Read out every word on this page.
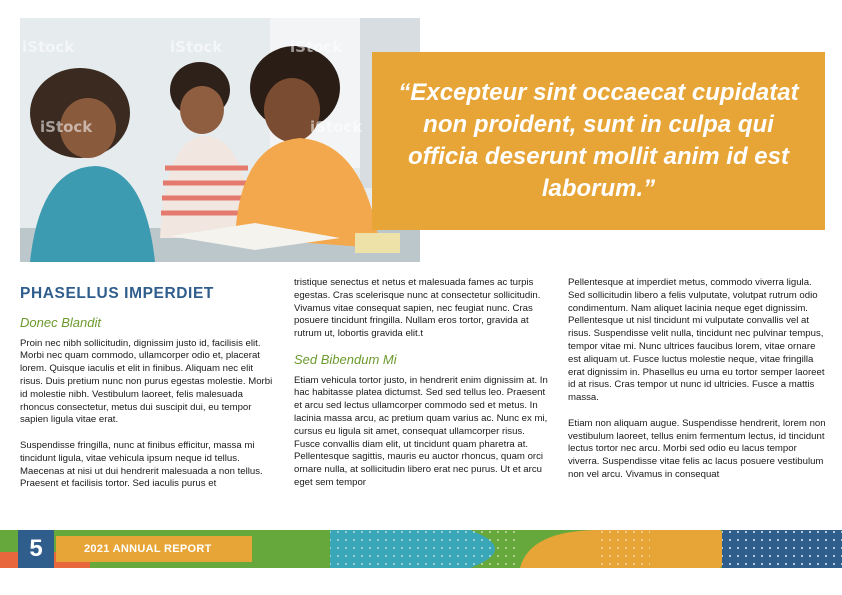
iStock	iStock	iStock
iStock	iStock
“Excepteur sint occaecat cupidatat non proident, sunt in culpa qui officia deserunt mollit anim id est laborum.”
PHASELLUS IMPERDIET
Donec Blandit

Proin nec nibh sollicitudin, dignissim justo id, facilisis elit. Morbi nec quam commodo, ullamcorper odio et, placerat lorem. Quisque iaculis et elit in finibus. Aliquam nec elit risus. Duis pretium nunc non purus egestas molestie. Morbi id molestie nibh. Vestibulum laoreet, felis malesuada rhoncus consectetur, metus dui suscipit dui, eu tempor sapien ligula vitae erat.

Suspendisse fringilla, nunc at finibus efficitur, massa mi tincidunt ligula, vitae vehicula ipsum neque id tellus. Maecenas at nisi ut dui hendrerit malesuada a non tellus. Praesent et facilisis tortor. Sed iaculis purus et

tristique senectus et netus et malesuada fames ac turpis egestas. Cras scelerisque nunc at consectetur sollicitudin. Vivamus vitae consequat sapien, nec feugiat nunc. Cras posuere tincidunt fringilla. Nullam eros tortor, gravida at rutrum ut, lobortis gravida elit.t

Sed Bibendum Mi

Etiam vehicula tortor justo, in hendrerit enim dignissim at. In hac habitasse platea dictumst. Sed sed tellus leo. Praesent et arcu sed lectus ullamcorper commodo sed et metus. In lacinia massa arcu, ac pretium quam varius ac. Nunc ex mi, cursus eu ligula sit amet, consequat ullamcorper risus. Fusce convallis diam elit, ut tincidunt quam pharetra at. Pellentesque sagittis, mauris eu auctor rhoncus, quam orci ornare nulla, at sollicitudin libero erat nec purus. Ut et arcu eget sem tempor

Pellentesque at imperdiet metus, commodo viverra ligula. Sed sollicitudin libero a felis vulputate, volutpat rutrum odio condimentum. Nam aliquet lacinia neque eget dignissim. Pellentesque ut nisl tincidunt mi vulputate convallis vel at risus. Suspendisse velit nulla, tincidunt nec pulvinar tempus, tempor vitae mi. Nunc ultrices faucibus lorem, vitae ornare est aliquam ut. Fusce luctus molestie neque, vitae fringilla erat dignissim in. Phasellus eu urna eu tortor semper laoreet id at risus. Cras tempor ut nunc id ultricies. Fusce a mattis massa.

Etiam non aliquam augue. Suspendisse hendrerit, lorem non vestibulum laoreet, tellus enim fermentum lectus, id tincidunt lectus tortor nec arcu. Morbi sed odio eu lacus tempor viverra. Suspendisse vitae felis ac lacus posuere vestibulum non vel arcu. Vivamus in consequat

5	2021 ANNUAL REPORT
